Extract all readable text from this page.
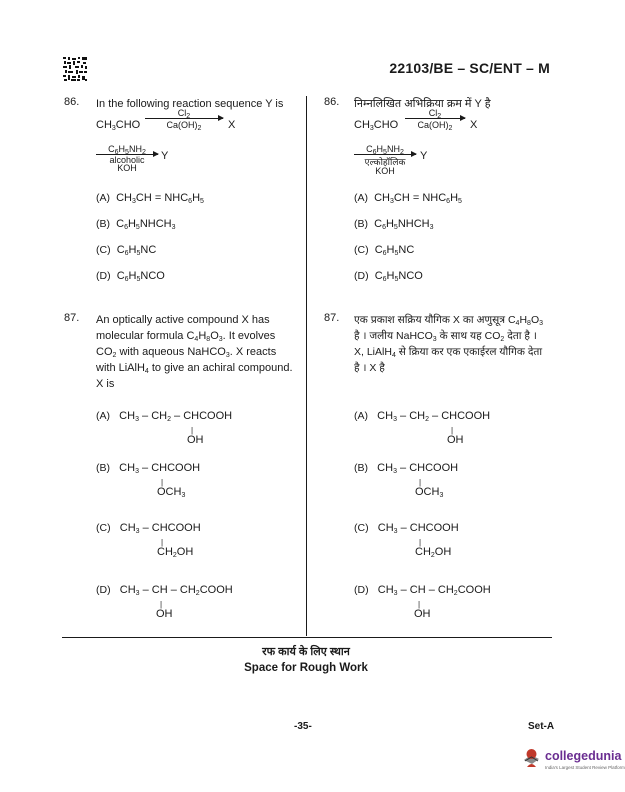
22103/BE – SC/ENT – M
86. In the following reaction sequence Y is
$CH_3CHO$
$Cl_2$
$Ca(OH)_2$	X
$C_6H_5NH_2$
alcoholic
KOH
Y
(A)  $CH_3CH = NHC_6H_5$
(B)  $C_6H_5NHCH_3$
(C)  $C_6H_5NC$
(D)  $C_6H_5NCO$
86. निम्नलिखित अभिक्रिया क्रम में Y है
$CH_3CHO$
$Cl_2$
$Ca(OH)_2$	X
$C_6H_5NH_2$
एल्कोहॉलिक
KOH
Y
(A)  $CH_3CH = NHC_6H_5$
(B)  $C_6H_5NHCH_3$
(C)  $C_6H_5NC$
(D)  $C_6H_5NCO$
87. An optically active compound X has
molecular formula $C_4H_8O_3$. It evolves
$CO_2$ with aqueous NaHCO$_3$. X reacts
with LiAlH$_4$ to give an achiral compound.
X is
(A)   $CH_3 - CH_2$ – CHCOOH
|
OH
(B)   $CH_3$ – CHCOOH
|
$OCH_3$
(C)   $CH_3$ – CHCOOH
|
$CH_2OH$
(D)   $CH_3$ – CH – $CH_2COOH$
|
OH
87. एक प्रकाश सक्रिय यौगिक X का अणुसूत्र $C_4H_8O_3$
है । जलीय NaHCO$_3$ के साथ यह $CO_2$ देता है ।
X, LiAlH$_4$ से क्रिया कर एक एकाईरल यौगिक देता
है । X है
(A)   $CH_3 - CH_2$ – CHCOOH
|
OH
(B)   $CH_3$ – CHCOOH
|
$OCH_3$
(C)   $CH_3$ – CHCOOH
|
$CH_2OH$
(D)   $CH_3$ – CH – $CH_2COOH$
|
OH
रफ कार्य के लिए स्थान
Space for Rough Work
-35-	Set-A
collegedunia
India's Largest Student Review Platform
